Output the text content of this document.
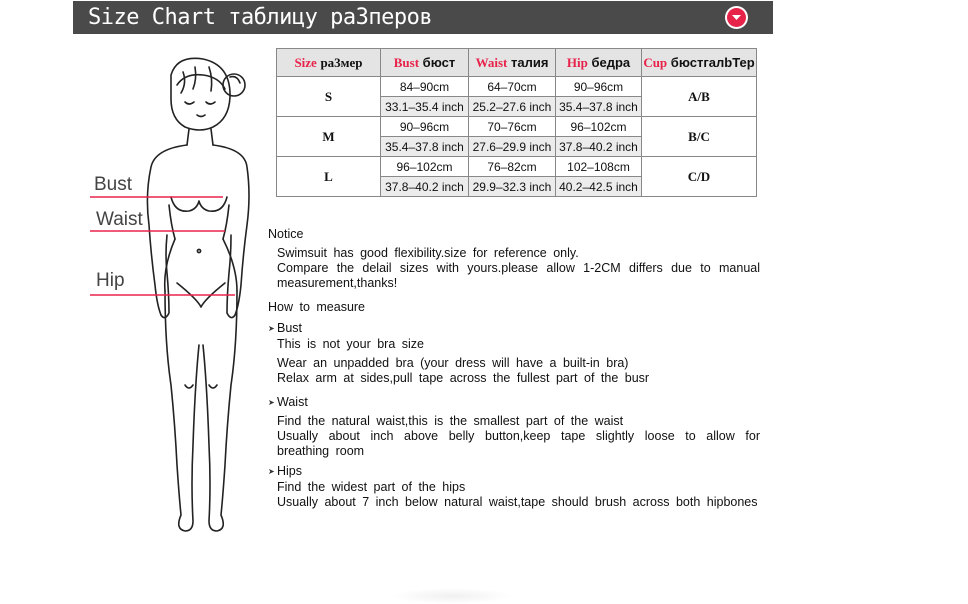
Size Chart таблицу раЗперов
Bust
Waist
Hip
Size ра3мер	Bust бюст	Waist талия	Hip бедра	Cup бюстгалbТер
S	84–90cm	64–70cm	90–96cm	A/B
	33.1–35.4 inch	25.2–27.6 inch	35.4–37.8 inch	
M	90–96cm	70–76cm	96–102cm	B/C
	35.4–37.8 inch	27.6–29.9 inch	37.8–40.2 inch	
L	96–102cm	76–82cm	102–108cm	C/D
	37.8–40.2 inch	29.9–32.3 inch	40.2–42.5 inch	
Notice
Swimsuit has good flexibility.size for reference only.
Compare the delail sizes with yours.please allow 1-2CM differs due to manual measurement,thanks!
How to measure
➤ Bust
This is not your bra size
Wear an unpadded bra (your dress will have a built-in bra)
Relax arm at sides,pull tape across the fullest part of the busr
➤ Waist
Find the natural waist,this is the smallest part of the waist
Usually about inch above belly button,keep tape slightly loose to allow for breathing room
➤ Hips
Find the widest part of the hips
Usually about 7 inch below natural waist,tape should brush across both hipbones
